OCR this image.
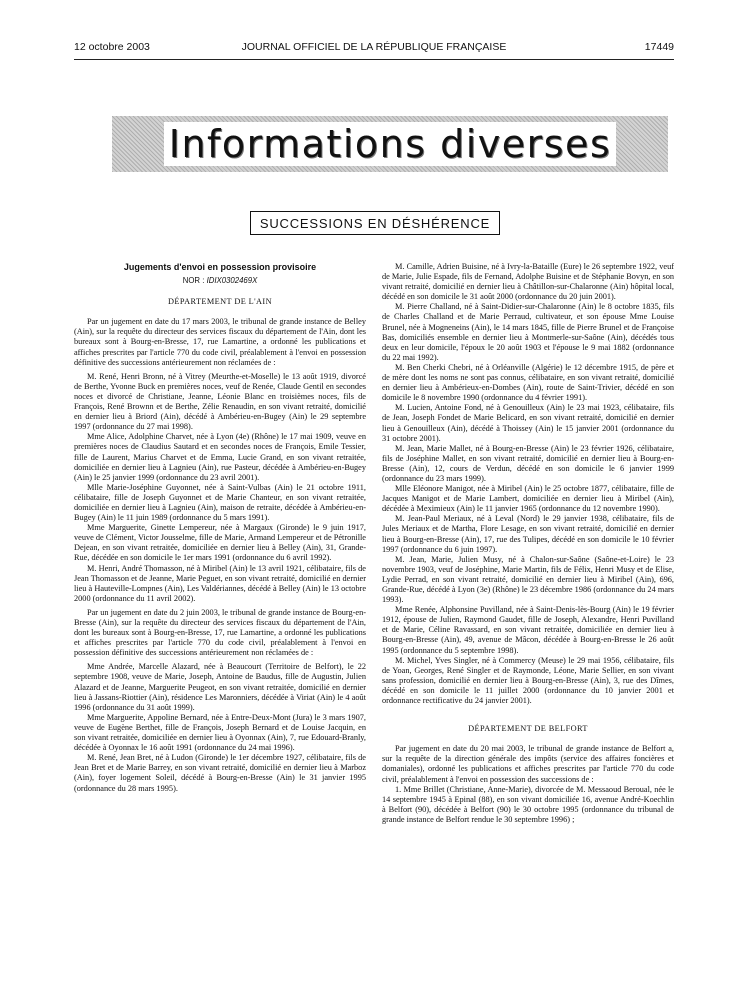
12 octobre 2003	JOURNAL OFFICIEL DE LA RÉPUBLIQUE FRANÇAISE	17449
Informations diverses
SUCCESSIONS EN DÉSHÉRENCE
Jugements d'envoi en possession provisoire
NOR : IDIX0302469X
DÉPARTEMENT DE L'AIN

Par un jugement en date du 17 mars 2003, le tribunal de grande instance de Belley (Ain), sur la requête du directeur des services fiscaux du département de l'Ain, dont les bureaux sont à Bourg-en-Bresse, 17, rue Lamartine, a ordonné les publications et affiches prescrites par l'article 770 du code civil, préalablement à l'envoi en possession définitive des successions antérieurement non réclamées de :

M. René, Henri Bronn, né à Vitrey (Meurthe-et-Moselle) le 13 août 1919, divorcé de Berthe, Yvonne Buck en premières noces, veuf de Renée, Claude Gentil en secondes noces et divorcé de Christiane, Jeanne, Léonie Blanc en troisièmes noces, fils de François, René Brownn et de Berthe, Zélie Renaudin, en son vivant retraité, domicilié en dernier lieu à Briord (Ain), décédé à Ambérieu-en-Bugey (Ain) le 29 septembre 1997 (ordonnance du 27 mai 1998).

Mme Alice, Adolphine Charvet, née à Lyon (4e) (Rhône) le 17 mai 1909, veuve en premières noces de Claudius Sautard et en secondes noces de François, Emile Tessier, fille de Laurent, Marius Charvet et de Emma, Lucie Grand, en son vivant retraitée, domiciliée en dernier lieu à Lagnieu (Ain), rue Pasteur, décédée à Ambérieu-en-Bugey (Ain) le 25 janvier 1999 (ordonnance du 23 avril 2001).

Mlle Marie-Joséphine Guyonnet, née à Saint-Vulbas (Ain) le 21 octobre 1911, célibataire, fille de Joseph Guyonnet et de Marie Chanteur, en son vivant retraitée, domiciliée en dernier lieu à Lagnieu (Ain), maison de retraite, décédée à Ambérieu-en-Bugey (Ain) le 11 juin 1989 (ordonnance du 5 mars 1991).

Mme Marguerite, Ginette Lempereur, née à Margaux (Gironde) le 9 juin 1917, veuve de Clément, Victor Jousselme, fille de Marie, Armand Lempereur et de Pétronille Dejean, en son vivant retraitée, domiciliée en dernier lieu à Belley (Ain), 31, Grande-Rue, décédée en son domicile le 1er mars 1991 (ordonnance du 6 avril 1992).

M. Henri, André Thomasson, né à Miribel (Ain) le 13 avril 1921, célibataire, fils de Jean Thomasson et de Jeanne, Marie Peguet, en son vivant retraité, domicilié en dernier lieu à Hauteville-Lompnes (Ain), Les Valdériannes, décédé à Belley (Ain) le 13 octobre 2000 (ordonnance du 11 avril 2002).

Par un jugement en date du 2 juin 2003, le tribunal de grande instance de Bourg-en-Bresse (Ain), sur la requête du directeur des services fiscaux du département de l'Ain, dont les bureaux sont à Bourg-en-Bresse, 17, rue Lamartine, a ordonné les publications et affiches prescrites par l'article 770 du code civil, préalablement à l'envoi en possession définitive des successions antérieurement non réclamées de :

Mme Andrée, Marcelle Alazard, née à Beaucourt (Territoire de Belfort), le 22 septembre 1908, veuve de Marie, Joseph, Antoine de Baudus, fille de Augustin, Julien Alazard et de Jeanne, Marguerite Peugeot, en son vivant retraitée, domicilié en dernier lieu à Jassans-Riottier (Ain), résidence Les Maronniers, décédée à Viriat (Ain) le 4 août 1996 (ordonnance du 31 août 1999).

Mme Marguerite, Appoline Bernard, née à Entre-Deux-Mont (Jura) le 3 mars 1907, veuve de Eugène Berthet, fille de François, Joseph Bernard et de Louise Jacquin, en son vivant retraitée, domiciliée en dernier lieu à Oyonnax (Ain), 7, rue Edouard-Branly, décédée à Oyonnax le 16 août 1991 (ordonnance du 24 mai 1996).

M. René, Jean Bret, né à Ludon (Gironde) le 1er décembre 1927, célibataire, fils de Jean Bret et de Marie Barrey, en son vivant retraité, domicilié en dernier lieu à Marboz (Ain), foyer logement Soleil, décédé à Bourg-en-Bresse (Ain) le 31 janvier 1995 (ordonnance du 28 mars 1995).

M. Camille, Adrien Buisine, né à Ivry-la-Bataille (Eure) le 26 septembre 1922, veuf de Marie, Julie Espade, fils de Fernand, Adolphe Buisine et de Stéphanie Bovyn, en son vivant retraité, domicilié en dernier lieu à Châtillon-sur-Chalaronne (Ain) hôpital local, décédé en son domicile le 31 août 2000 (ordonnance du 20 juin 2001).

M. Pierre Challand, né à Saint-Didier-sur-Chalaronne (Ain) le 8 octobre 1835, fils de Charles Challand et de Marie Perraud, cultivateur, et son épouse Mme Louise Brunel, née à Mogneneins (Ain), le 14 mars 1845, fille de Pierre Brunel et de Françoise Bas, domiciliés ensemble en dernier lieu à Montmerle-sur-Saône (Ain), décédés tous deux en leur domicile, l'époux le 20 août 1903 et l'épouse le 9 mai 1882 (ordonnance du 22 mai 1992).

M. Ben Cherki Chebri, né à Orléanville (Algérie) le 12 décembre 1915, de père et de mère dont les noms ne sont pas connus, célibataire, en son vivant retraité, domicilié en dernier lieu à Ambérieux-en-Dombes (Ain), route de Saint-Trivier, décédé en son domicile le 8 novembre 1990 (ordonnance du 4 février 1991).

M. Lucien, Antoine Fond, né à Genouilleux (Ain) le 23 mai 1923, célibataire, fils de Jean, Joseph Fondet de Marie Belicard, en son vivant retraité, domicilié en dernier lieu à Genouilleux (Ain), décédé à Thoissey (Ain) le 15 janvier 2001 (ordonnance du 31 octobre 2001).

M. Jean, Marie Mallet, né à Bourg-en-Bresse (Ain) le 23 février 1926, célibataire, fils de Joséphine Mallet, en son vivant retraité, domicilié en dernier lieu à Bourg-en-Bresse (Ain), 12, cours de Verdun, décédé en son domicile le 6 janvier 1999 (ordonnance du 23 mars 1999).

Mlle Eléonore Manigot, née à Miribel (Ain) le 25 octobre 1877, célibataire, fille de Jacques Manigot et de Marie Lambert, domiciliée en dernier lieu à Miribel (Ain), décédée à Meximieux (Ain) le 11 janvier 1965 (ordonnance du 12 novembre 1990).

M. Jean-Paul Meriaux, né à Leval (Nord) le 29 janvier 1938, célibataire, fils de Jules Meriaux et de Martha, Flore Lesage, en son vivant retraité, domicilié en dernier lieu à Bourg-en-Bresse (Ain), 17, rue des Tulipes, décédé en son domicile le 10 février 1997 (ordonnance du 6 juin 1997).

M. Jean, Marie, Julien Musy, né à Chalon-sur-Saône (Saône-et-Loire) le 23 novembre 1903, veuf de Joséphine, Marie Martin, fils de Félix, Henri Musy et de Elise, Lydie Perrad, en son vivant retraité, domicilié en dernier lieu à Miribel (Ain), 696, Grande-Rue, décédé à Lyon (3e) (Rhône) le 23 décembre 1986 (ordonnance du 24 mars 1993).

Mme Renée, Alphonsine Puvilland, née à Saint-Denis-lès-Bourg (Ain) le 19 février 1912, épouse de Julien, Raymond Gaudet, fille de Joseph, Alexandre, Henri Puvilland et de Marie, Céline Ravassard, en son vivant retraitée, domiciliée en dernier lieu à Bourg-en-Bresse (Ain), 49, avenue de Mâcon, décédée à Bourg-en-Bresse le 26 août 1995 (ordonnance du 5 septembre 1998).

M. Michel, Yves Singler, né à Commercy (Meuse) le 29 mai 1956, célibataire, fils de Yoan, Georges, René Singler et de Raymonde, Léone, Marie Sellier, en son vivant sans profession, domicilié en dernier lieu à Bourg-en-Bresse (Ain), 3, rue des Dîmes, décédé en son domicile le 11 juillet 2000 (ordonnance du 10 janvier 2001 et ordonnance rectificative du 24 janvier 2001).

DÉPARTEMENT DE BELFORT

Par jugement en date du 20 mai 2003, le tribunal de grande instance de Belfort a, sur la requête de la direction générale des impôts (service des affaires foncières et domaniales), ordonné les publications et affiches prescrites par l'article 770 du code civil, préalablement à l'envoi en possession des successions de :

1. Mme Brillet (Christiane, Anne-Marie), divorcée de M. Messaoud Beroual, née le 14 septembre 1945 à Epinal (88), en son vivant domiciliée 16, avenue André-Koechlin à Belfort (90), décédée à Belfort (90) le 30 octobre 1995 (ordonnance du tribunal de grande instance de Belfort rendue le 30 septembre 1996) ;
